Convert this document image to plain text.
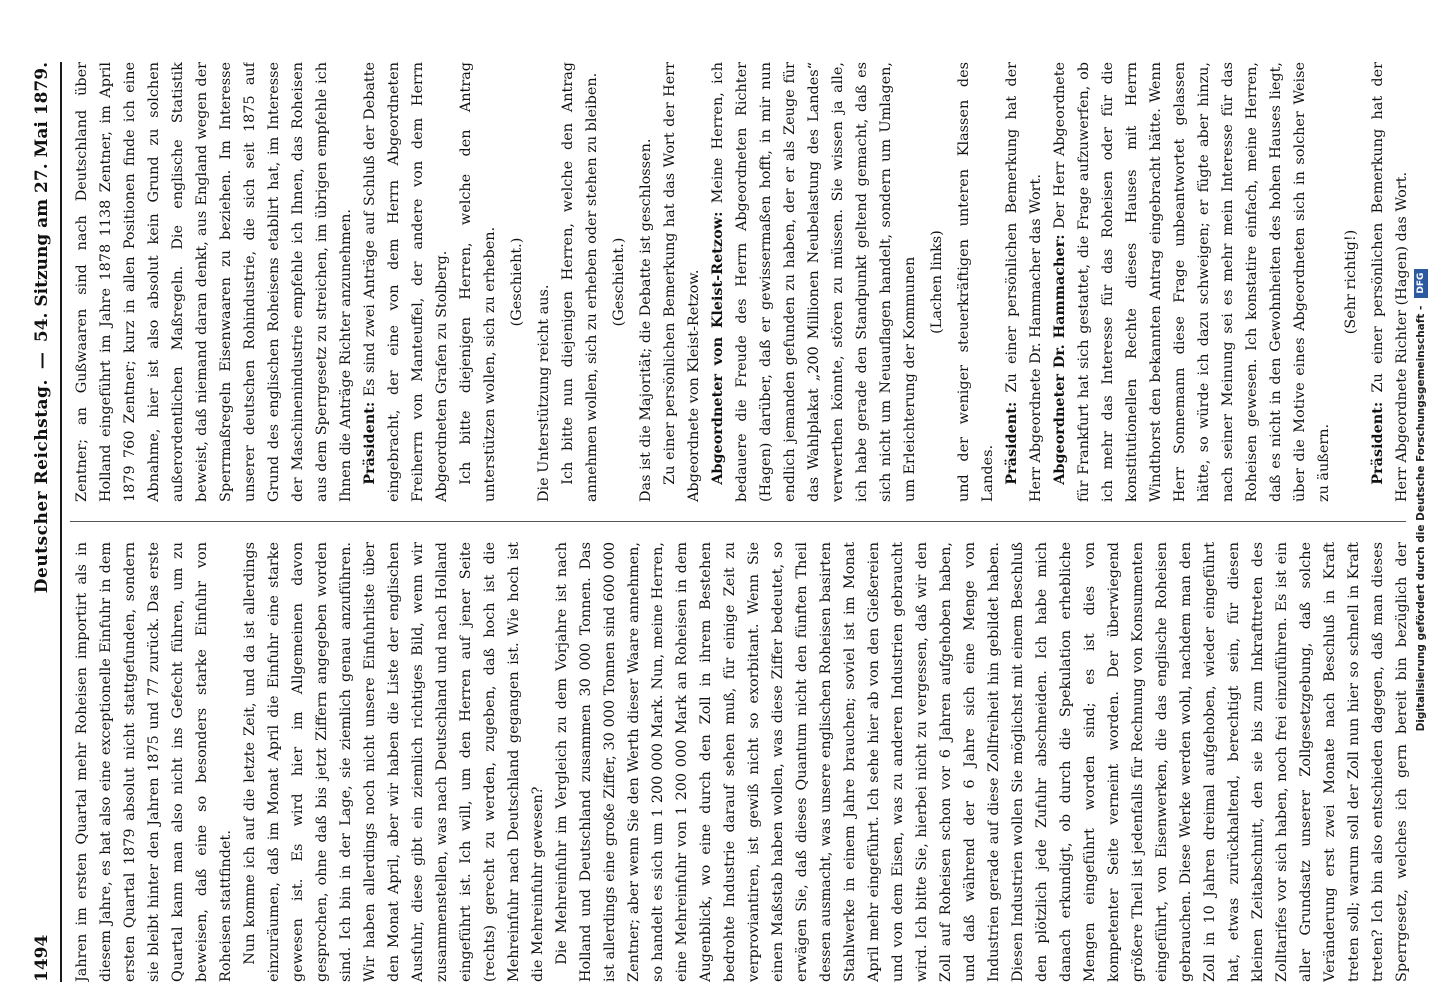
1494
Deutscher Reichstag.
—
54. Sitzung am 27. Mai 1879.

Jahren im ersten Quartal mehr Roheisen importirt als in diesem Jahre, es hat also eine exceptionelle Einfuhr in dem ersten Quartal 1879 absolut nicht stattgefunden, sondern sie bleibt hinter den Jahren 1875 und 77 zurück. Das erste Quartal kann man also nicht ins Gefecht führen, um zu beweisen, daß eine so besonders starke Einfuhr von Roheisen stattfindet. Nun komme ich auf die letzte Zeit, und da ist allerdings einzuräumen, daß im Monat April die Einfuhr eine starke gewesen ist. Es wird hier im Allgemeinen davon gesprochen, ohne daß bis jetzt Ziffern angegeben worden sind. Ich bin in der Lage, sie ziemlich genau anzuführen. Wir haben allerdings noch nicht unsere Einfuhrliste über den Monat April, aber wir haben die Liste der englischen Ausfuhr, diese gibt ein ziemlich richtiges Bild, wenn wir zusammenstellen, was nach Deutschland und nach Holland eingeführt ist. Ich will, um den Herren auf jener Seite (rechts) gerecht zu werden, zugeben, daß hoch ist die Mehreinfuhr nach Deutschland gegangen ist. Wie hoch ist die Mehreinfuhr gewesen? Die Mehreinfuhr im Vergleich zu dem Vorjahre ist nach Holland und Deutschland zusammen 30 000 Tonnen. Das ist allerdings eine große Ziffer, 30 000 Tonnen sind 600 000 Zentner; aber wenn Sie den Werth dieser Waare annehmen, so handelt es sich um 1 200 000 Mark. Nun, meine Herren, eine Mehreinfuhr von 1 200 000 Mark an Roheisen in dem Augenblick, wo eine durch den Zoll in ihrem Bestehen bedrohte Industrie darauf sehen muß, für einige Zeit zu verproviantiren, ist gewiß nicht so exorbitant. Wenn Sie einen Maßstab haben wollen, was diese Ziffer bedeutet, so erwägen Sie, daß dieses Quantum nicht den fünften Theil dessen ausmacht, was unsere englischen Roheisen basirten Stahlwerke in einem Jahre brauchen; soviel ist im Monat April mehr eingeführt. Ich sehe hier ab von den Gießereien und von dem Eisen, was zu anderen Industrien gebraucht wird. Ich bitte Sie, hierbei nicht zu vergessen, daß wir den Zoll auf Roheisen schon vor 6 Jahren aufgehoben haben, und daß während der 6 Jahre sich eine Menge von Industrien gerade auf diese Zollfreiheit hin gebildet haben. Diesen Industrien wollen Sie möglichst mit einem Beschluß den plötzlich jede Zufuhr abschneiden. Ich habe mich danach erkundigt, ob durch die Spekulation erhebliche Mengen eingeführt worden sind; es ist dies von kompetenter Seite verneint worden. Der überwiegend größere Theil ist jedenfalls für Rechnung von Konsumenten eingeführt, von Eisenwerken, die das englische Roheisen gebrauchen. Diese Werke werden wohl, nachdem man den Zoll in 10 Jahren dreimal aufgehoben, wieder eingeführt hat, etwas zurückhaltend, berechtigt sein, für diesen kleinen Zeitabschnitt, den sie bis zum Inkrafttreten des Zolltarifes vor sich haben, noch frei einzuführen. Es ist ein aller Grundsatz unserer Zollgesetzgebung, daß solche Veränderung erst zwei Monate nach Beschluß in Kraft treten soll; warum soll der Zoll nun hier so schnell in Kraft treten? Ich bin also entschieden dagegen, daß man dieses Sperrgesetz, welches ich gern bereit bin bezüglich der

Zentner; an Gußwaaren sind nach Deutschland über Holland eingeführt im Jahre 1878 1138 Zentner, im April 1879 760 Zentner; kurz in allen Positionen finde ich eine Abnahme, hier ist also absolut kein Grund zu solchen außerordentlichen Maßregeln. Die englische Statistik beweist, daß niemand daran denkt, aus England wegen der Sperrmaßregeln Eisenwaaren zu beziehen. Im Interesse unserer deutschen Rohindustrie, die sich seit 1875 auf Grund des englischen Roheisens etablirt hat, im Interesse der Maschinenindustrie empfehle ich Ihnen, das Roheisen aus dem Sperrgesetz zu streichen, im übrigen empfehle ich Ihnen die Anträge Richter anzunehmen. Präsident: Es sind zwei Anträge auf Schluß der Debatte eingebracht, der eine von dem Herrn Abgeordneten Freiherrn von Manteuffel, der andere von dem Herrn Abgeordneten Grafen zu Stolberg. Ich bitte diejenigen Herren, welche den Antrag unterstützen wollen, sich zu erheben. (Geschieht.)

Die Unterstützung reicht aus. Ich bitte nun diejenigen Herren, welche den Antrag annehmen wollen, sich zu erheben oder stehen zu bleiben. (Geschieht.) Das ist die Majorität; die Debatte ist geschlossen. Zu einer persönlichen Bemerkung hat das Wort der Herr Abgeordnete von Kleist-Retzow. Abgeordneter von Kleist-Retzow: Meine Herren, ich bedauere die Freude des Herrn Abgeordneten Richter (Hagen) darüber, daß er gewissermaßen hofft, in mir nun endlich jemanden gefunden zu haben, der er als Zeuge für das Wahlplakat „200 Millionen Neubelastung des Landes“ verwerthen könnte, stören zu müssen. Sie wissen ja alle, ich habe gerade den Standpunkt geltend gemacht, daß es sich nicht um Neuauflagen handelt, sondern um Umlagen, um Erleichterung der Kommunen (Lachen links) und der weniger steuerkräftigen unteren Klassen des Landes. Präsident: Zu einer persönlichen Bemerkung hat der Herr Abgeordnete Dr. Hammacher das Wort. Abgeordneter Dr. Hammacher: Der Herr Abgeordnete für Frankfurt hat sich gestattet, die Frage aufzuwerfen, ob ich mehr das Interesse für das Roheisen oder für die konstitutionellen Rechte dieses Hauses mit Herrn Windthorst den bekannten Antrag eingebracht hätte. Wenn Herr Sonnemann diese Frage unbeantwortet gelassen hätte, so würde ich dazu schweigen; er fügte aber hinzu, nach seiner Meinung sei es mehr mein Interesse für das Roheisen gewesen. Ich konstatire einfach, meine Herren, daß es nicht in den Gewohnheiten des hohen Hauses liegt, über die Motive eines Abgeordneten sich in solcher Weise zu äußern.

(Sehr richtig!)

Präsident: Zu einer persönlichen Bemerkung hat der Herr Abgeordnete Richter (Hagen) das Wort. Digitalisierung gefördert durch die Deutsche Forschungsgemeinschaft -DFG
